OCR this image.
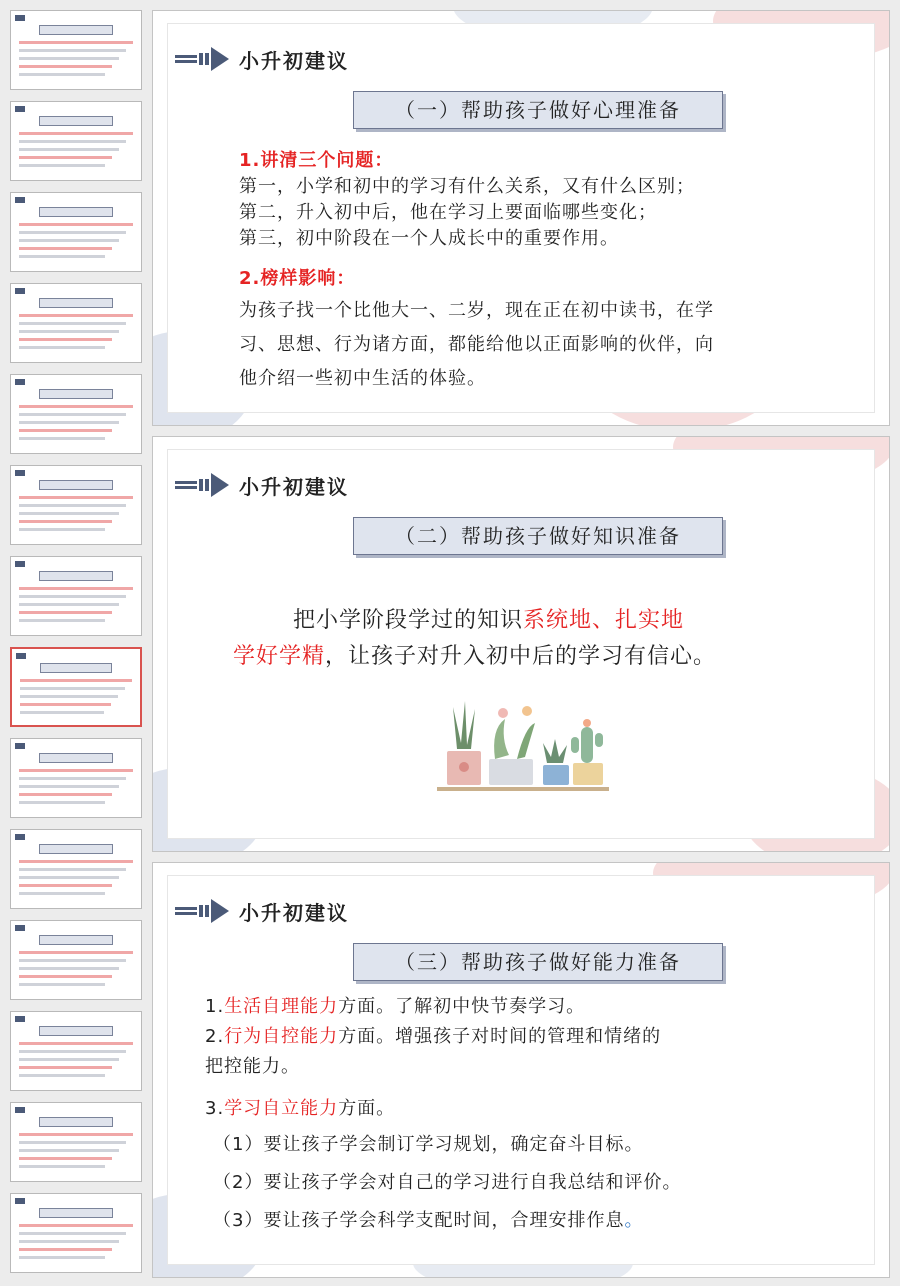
小升初建议
（一）帮助孩子做好心理准备
1.讲清三个问题：
第一，小学和初中的学习有什么关系，又有什么区别；
第二，升入初中后，他在学习上要面临哪些变化；
第三，初中阶段在一个人成长中的重要作用。
2.榜样影响：
为孩子找一个比他大一、二岁，现在正在初中读书，在学
习、思想、行为诸方面，都能给他以正面影响的伙伴，向
他介绍一些初中生活的体验。
小升初建议
（二）帮助孩子做好知识准备
把小学阶段学过的知识系统地、扎实地
学好学精，让孩子对升入初中后的学习有信心。
小升初建议
（三）帮助孩子做好能力准备
1.生活自理能力方面。了解初中快节奏学习。
2.行为自控能力方面。增强孩子对时间的管理和情绪的
把控能力。
3.学习自立能力方面。
（1）要让孩子学会制订学习规划，确定奋斗目标。
（2）要让孩子学会对自己的学习进行自我总结和评价。
（3）要让孩子学会科学支配时间，合理安排作息。
